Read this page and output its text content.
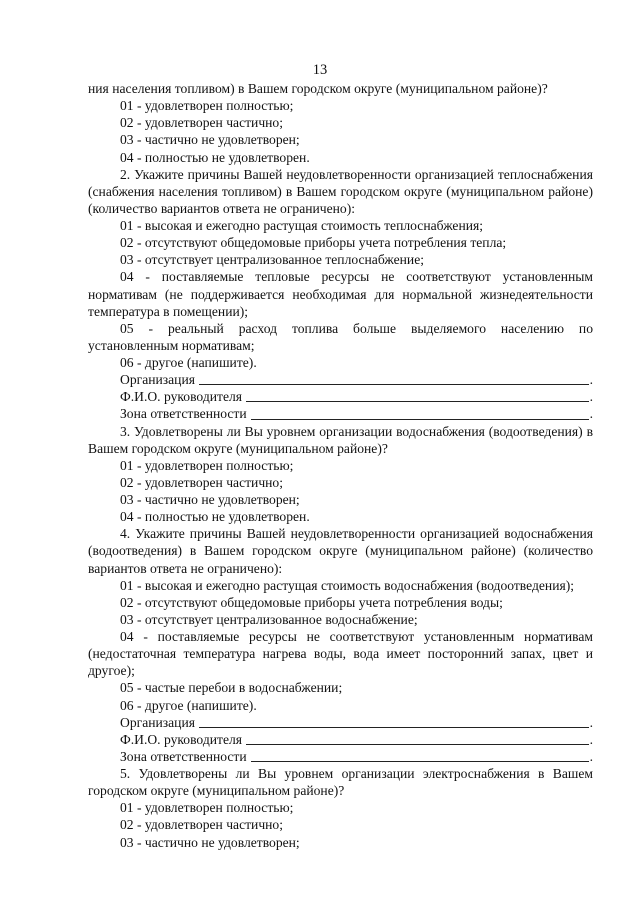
13

ния населения топливом) в Вашем городском округе (муниципальном районе)?

01 - удовлетворен полностью;

02 - удовлетворен частично;

03 - частично не удовлетворен;

04 - полностью не удовлетворен.

2. Укажите причины Вашей неудовлетворенности организацией теплоснабжения (снабжения населения топливом) в Вашем городском округе (муниципальном районе) (количество вариантов ответа не ограничено):

01 - высокая и ежегодно растущая стоимость теплоснабжения;

02 - отсутствуют общедомовые приборы учета потребления тепла;

03 - отсутствует централизованное теплоснабжение;

04 - поставляемые тепловые ресурсы не соответствуют установленным нормативам (не поддерживается необходимая для нормальной жизнедеятельности температура в помещении);

05 - реальный расход топлива больше выделяемого населению по установленным нормативам;

06 - другое (напишите).

Организация	.
Ф.И.О. руководителя	.
Зона ответственности	.

3. Удовлетворены ли Вы уровнем организации водоснабжения (водоотведения) в Вашем городском округе (муниципальном районе)?

01 - удовлетворен полностью;

02 - удовлетворен частично;

03 - частично не удовлетворен;

04 - полностью не удовлетворен.

4. Укажите причины Вашей неудовлетворенности организацией водоснабжения (водоотведения) в Вашем городском округе (муниципальном районе) (количество вариантов ответа не ограничено):

01 - высокая и ежегодно растущая стоимость водоснабжения (водоотведения);

02 - отсутствуют общедомовые приборы учета потребления воды;

03 - отсутствует централизованное водоснабжение;

04 - поставляемые ресурсы не соответствуют установленным нормативам (недостаточная температура нагрева воды, вода имеет посторонний запах, цвет и другое);

05 - частые перебои в водоснабжении;

06 - другое (напишите).

Организация	.
Ф.И.О. руководителя	.
Зона ответственности	.

5. Удовлетворены ли Вы уровнем организации электроснабжения в Вашем городском округе (муниципальном районе)?

01 - удовлетворен полностью;

02 - удовлетворен частично;

03 - частично не удовлетворен;
